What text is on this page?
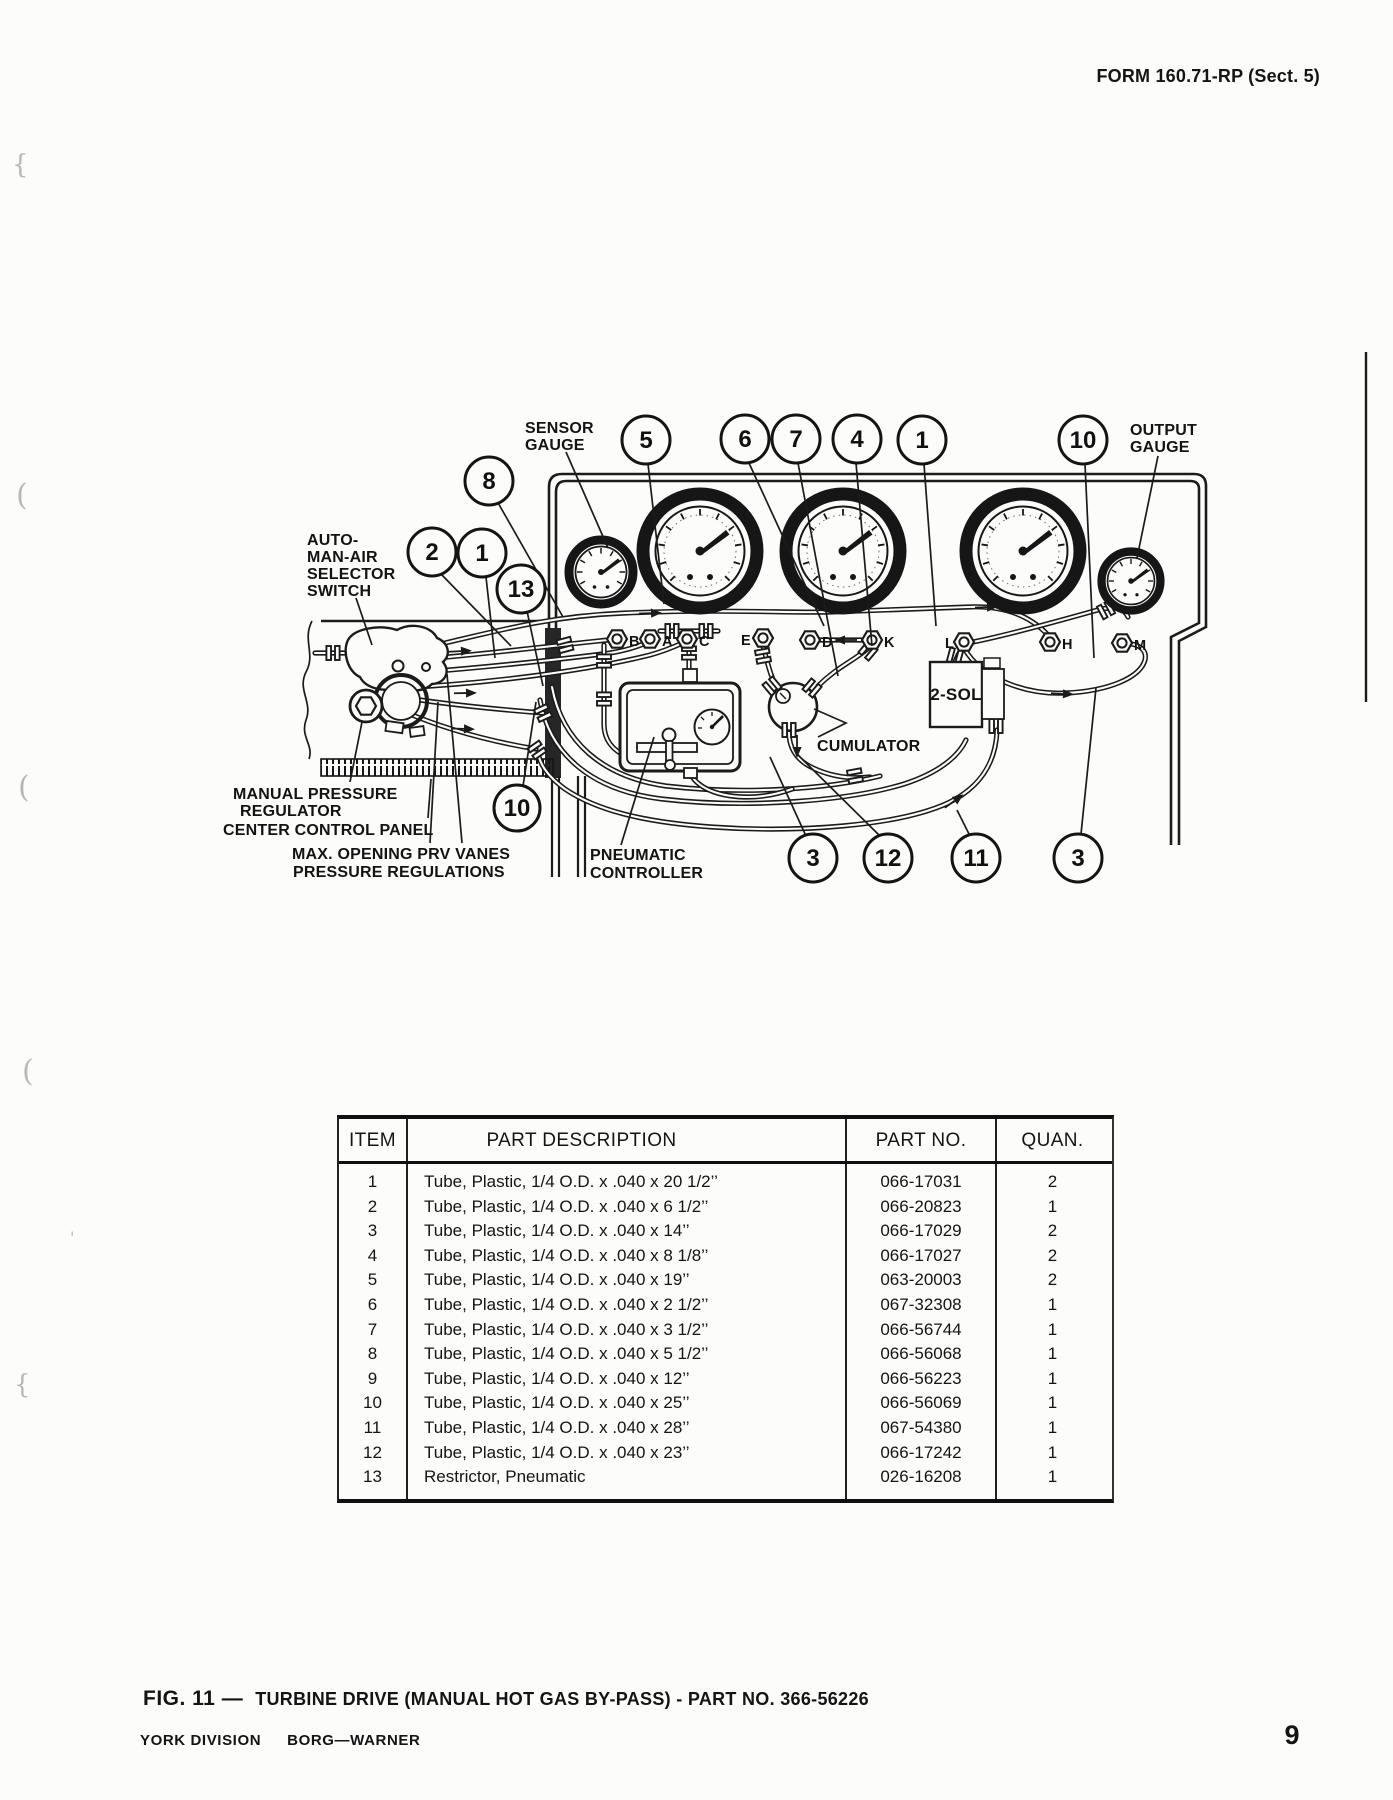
FORM 160.71-RP (Sect. 5)
{
(
(
(
'
{
B A C E	D	K	L	H	M
2-SOL
8
5	6 7 4 1	10
2 1
13
10
3 12	11	3
SENSOR
GAUGE
OUTPUT
GAUGE
AUTO-
MAN-AIR
SELECTOR
SWITCH
MANUAL PRESSURE
REGULATOR
CENTER CONTROL PANEL
MAX. OPENING PRV VANES
PRESSURE REGULATIONS
PNEUMATIC
CONTROLLER
CUMULATOR
ITEM	PART DESCRIPTION	PART NO.	QUAN.
1	Tube, Plastic, 1/4 O.D. x .040 x 20 1/2’’	066-17031	2
2	Tube, Plastic, 1/4 O.D. x .040 x 6 1/2’’	066-20823	1
3	Tube, Plastic, 1/4 O.D. x .040 x 14’’	066-17029	2
4	Tube, Plastic, 1/4 O.D. x .040 x 8 1/8’’	066-17027	2
5	Tube, Plastic, 1/4 O.D. x .040 x 19’’	063-20003	2
6	Tube, Plastic, 1/4 O.D. x .040 x 2 1/2’’	067-32308	1
7	Tube, Plastic, 1/4 O.D. x .040 x 3 1/2’’	066-56744	1
8	Tube, Plastic, 1/4 O.D. x .040 x 5 1/2’’	066-56068	1
9	Tube, Plastic, 1/4 O.D. x .040 x 12’’	066-56223	1
10	Tube, Plastic, 1/4 O.D. x .040 x 25’’	066-56069	1
11	Tube, Plastic, 1/4 O.D. x .040 x 28’’	067-54380	1
12	Tube, Plastic, 1/4 O.D. x .040 x 23’’	066-17242	1
13	Restrictor, Pneumatic	026-16208	1
FIG. 11 — TURBINE DRIVE (MANUAL HOT GAS BY-PASS) - PART NO. 366-56226
YORK DIVISION BORG—WARNER	9
